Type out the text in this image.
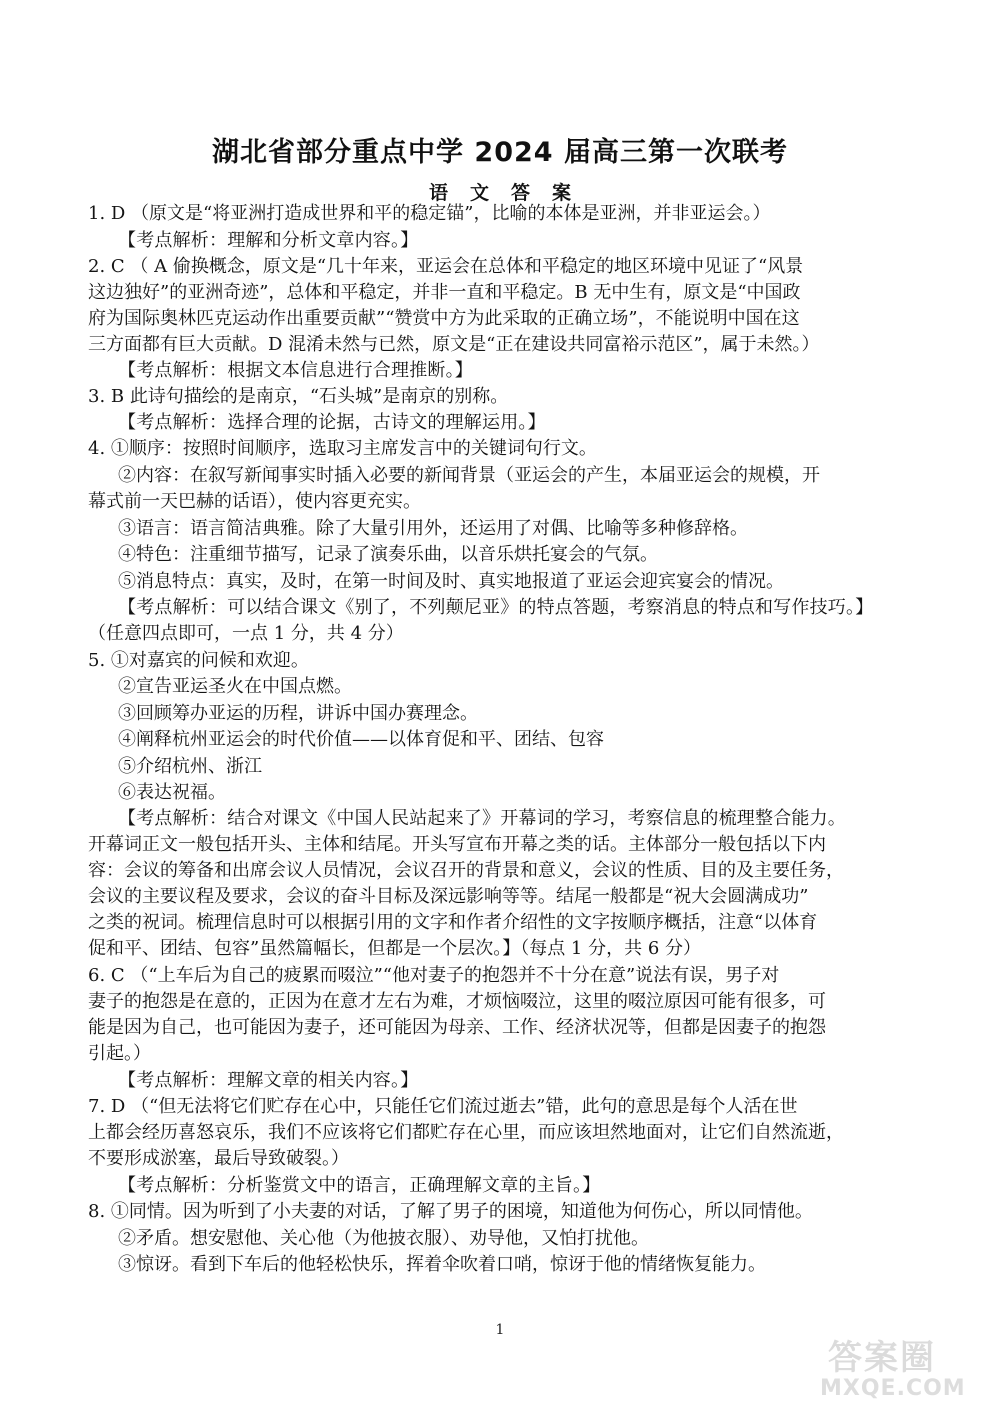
湖北省部分重点中学 2024 届高三第一次联考
语文答案
1. D （原文是“将亚洲打造成世界和平的稳定锚”，比喻的本体是亚洲，并非亚运会。）
【考点解析：理解和分析文章内容。】
2. C （ A 偷换概念，原文是“几十年来，亚运会在总体和平稳定的地区环境中见证了“风景
这边独好”的亚洲奇迹”，总体和平稳定，并非一直和平稳定。B 无中生有，原文是“中国政
府为国际奥林匹克运动作出重要贡献”“赞赏中方为此采取的正确立场”，不能说明中国在这
三方面都有巨大贡献。D 混淆未然与已然，原文是“正在建设共同富裕示范区”，属于未然。）
【考点解析：根据文本信息进行合理推断。】
3. B 此诗句描绘的是南京，“石头城”是南京的别称。
【考点解析：选择合理的论据，古诗文的理解运用。】
4. ①顺序：按照时间顺序，选取习主席发言中的关键词句行文。
②内容：在叙写新闻事实时插入必要的新闻背景（亚运会的产生，本届亚运会的规模，开
幕式前一天巴赫的话语），使内容更充实。
③语言：语言简洁典雅。除了大量引用外，还运用了对偶、比喻等多种修辞格。
④特色：注重细节描写，记录了演奏乐曲，以音乐烘托宴会的气氛。
⑤消息特点：真实，及时，在第一时间及时、真实地报道了亚运会迎宾宴会的情况。
【考点解析：可以结合课文《别了，不列颠尼亚》的特点答题，考察消息的特点和写作技巧。】
（任意四点即可，一点 1 分，共 4 分）
5. ①对嘉宾的问候和欢迎。
②宣告亚运圣火在中国点燃。
③回顾筹办亚运的历程，讲诉中国办赛理念。
④阐释杭州亚运会的时代价值——以体育促和平、团结、包容
⑤介绍杭州、浙江
⑥表达祝福。
【考点解析：结合对课文《中国人民站起来了》开幕词的学习，考察信息的梳理整合能力。
开幕词正文一般包括开头、主体和结尾。开头写宣布开幕之类的话。主体部分一般包括以下内
容：会议的筹备和出席会议人员情况，会议召开的背景和意义，会议的性质、目的及主要任务，
会议的主要议程及要求，会议的奋斗目标及深远影响等等。结尾一般都是“祝大会圆满成功”
之类的祝词。梳理信息时可以根据引用的文字和作者介绍性的文字按顺序概括，注意“以体育
促和平、团结、包容”虽然篇幅长，但都是一个层次。】（每点 1 分，共 6 分）
6. C （“上车后为自己的疲累而啜泣”“他对妻子的抱怨并不十分在意”说法有误，男子对
妻子的抱怨是在意的，正因为在意才左右为难，才烦恼啜泣，这里的啜泣原因可能有很多，可
能是因为自己，也可能因为妻子，还可能因为母亲、工作、经济状况等，但都是因妻子的抱怨
引起。）
【考点解析：理解文章的相关内容。】
7. D （“但无法将它们贮存在心中，只能任它们流过逝去”错，此句的意思是每个人活在世
上都会经历喜怒哀乐，我们不应该将它们都贮存在心里，而应该坦然地面对，让它们自然流逝，
不要形成淤塞，最后导致破裂。）
【考点解析：分析鉴赏文中的语言，正确理解文章的主旨。】
8. ①同情。因为听到了小夫妻的对话，了解了男子的困境，知道他为何伤心，所以同情他。
②矛盾。想安慰他、关心他（为他披衣服）、劝导他，又怕打扰他。
③惊讶。看到下车后的他轻松快乐，挥着伞吹着口哨，惊讶于他的情绪恢复能力。
1
答案圈
MXQE.COM
